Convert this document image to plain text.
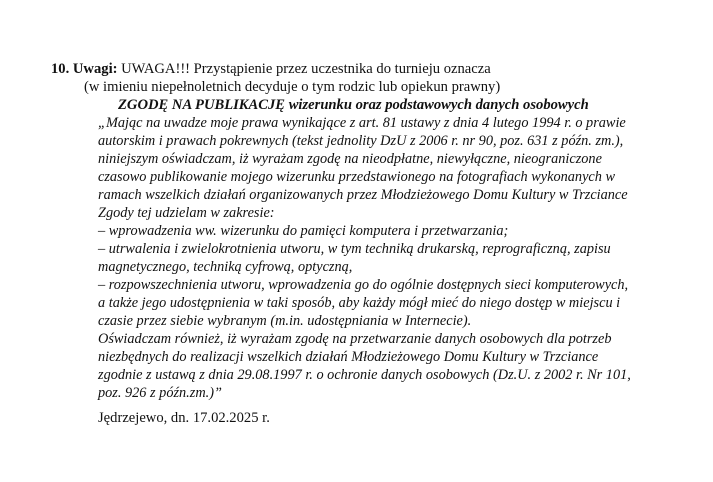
10. Uwagi: UWAGA!!! Przystąpienie przez uczestnika do turnieju oznacza
(w imieniu niepełnoletnich decyduje o tym rodzic lub opiekun prawny)
ZGODĘ NA PUBLIKACJĘ wizerunku oraz podstawowych danych osobowych
„Mając na uwadze moje prawa wynikające z art. 81 ustawy z dnia 4 lutego 1994 r. o prawie
autorskim i prawach pokrewnych (tekst jednolity DzU z 2006 r. nr 90, poz. 631 z późn. zm.),
niniejszym oświadczam, iż wyrażam zgodę na nieodpłatne, niewyłączne, nieograniczone
czasowo publikowanie mojego wizerunku przedstawionego na fotografiach wykonanych w
ramach wszelkich działań organizowanych przez Młodzieżowego Domu Kultury w Trzciance
Zgody tej udzielam w zakresie:
– wprowadzenia ww. wizerunku do pamięci komputera i przetwarzania;
– utrwalenia i zwielokrotnienia utworu, w tym techniką drukarską, reprograficzną, zapisu
magnetycznego, techniką cyfrową, optyczną,
– rozpowszechnienia utworu, wprowadzenia go do ogólnie dostępnych sieci komputerowych,
a także jego udostępnienia w taki sposób, aby każdy mógł mieć do niego dostęp w miejscu i
czasie przez siebie wybranym (m.in. udostępniania w Internecie).
Oświadczam również, iż wyrażam zgodę na przetwarzanie danych osobowych dla potrzeb
niezbędnych do realizacji wszelkich działań Młodzieżowego Domu Kultury w Trzciance
zgodnie z ustawą z dnia 29.08.1997 r. o ochronie danych osobowych (Dz.U. z 2002 r. Nr 101,
poz. 926 z późn.zm.)”
Jędrzejewo, dn. 17.02.2025 r.
